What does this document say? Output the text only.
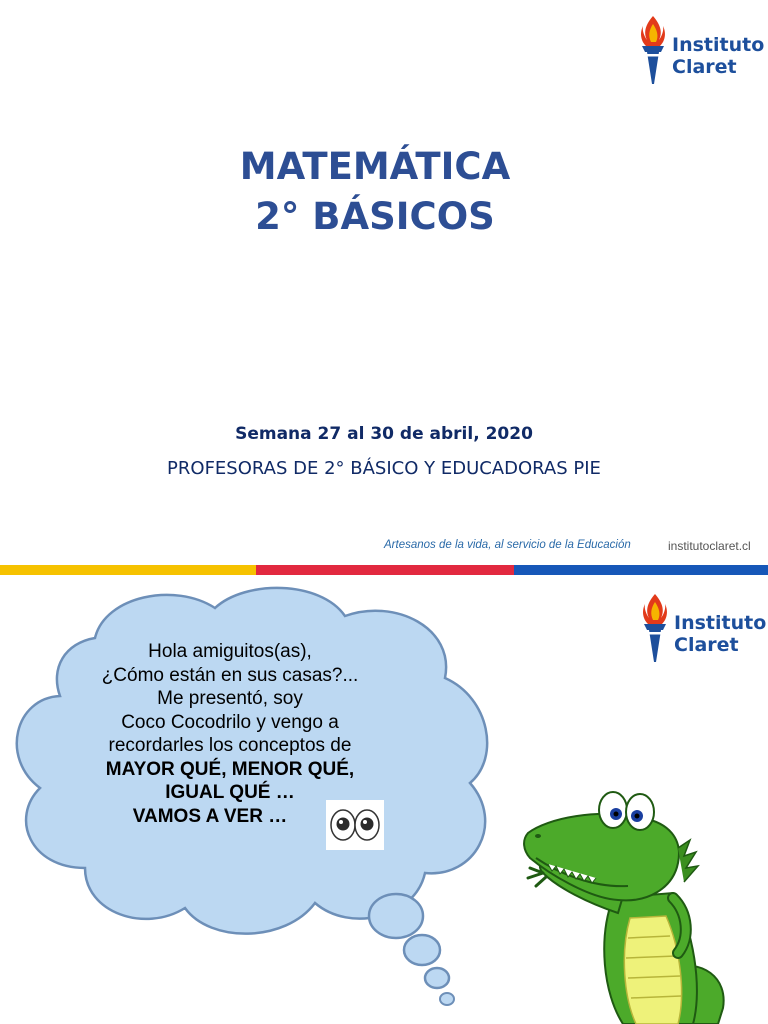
Instituto
Claret
MATEMÁTICA
2° BÁSICOS
Semana 27 al 30 de abril, 2020
PROFESORAS DE 2° BÁSICO Y EDUCADORAS PIE
Artesanos de la vida, al servicio de la Educación	institutoclaret.cl
Instituto
Claret
Hola amiguitos(as),
¿Cómo están en sus casas?...
Me presentó, soy
Coco Cocodrilo y vengo a
recordarles los conceptos de
MAYOR QUÉ, MENOR QUÉ,
IGUAL QUÉ …
VAMOS A VER …
